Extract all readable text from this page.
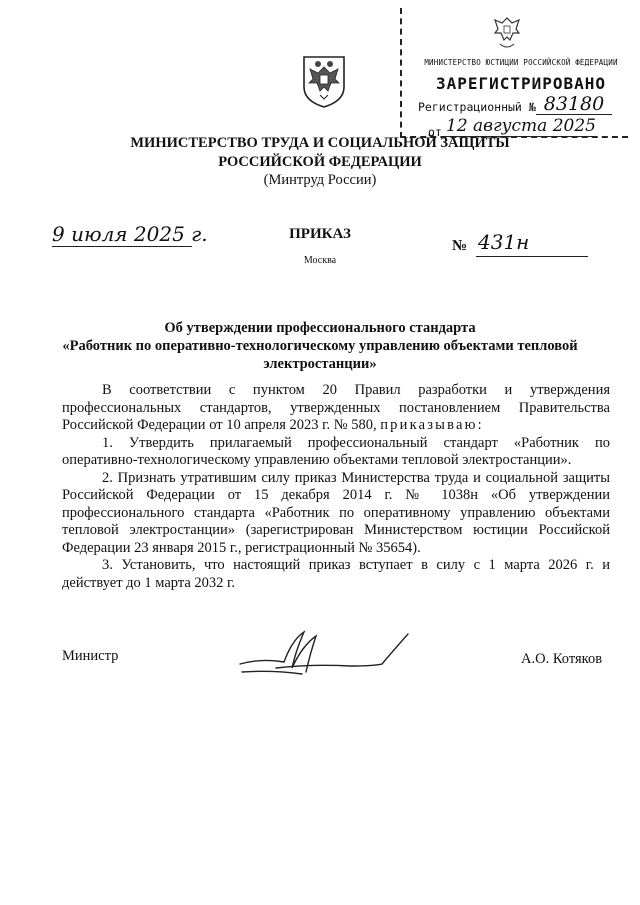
МИНИСТЕРСТВО ЮСТИЦИИ РОССИЙСКОЙ ФЕДЕРАЦИИ
ЗАРЕГИСТРИРОВАНО
Регистрационный № 83180
от 12 августа 2025
МИНИСТЕРСТВО ТРУДА И СОЦИАЛЬНОЙ ЗАЩИТЫ
РОССИЙСКОЙ ФЕДЕРАЦИИ
(Минтруд России)
ПРИКАЗ
Москва
9 июля 2025 г.	№ 431н
Об утверждении профессионального стандарта
«Работник по оперативно-технологическому управлению объектами тепловой
электростанции»

В соответствии с пунктом 20 Правил разработки и утверждения профессиональных стандартов, утвержденных постановлением Правительства Российской Федерации от 10 апреля 2023 г. № 580, приказываю:

1. Утвердить прилагаемый профессиональный стандарт «Работник по оперативно-технологическому управлению объектами тепловой электростанции».

2. Признать утратившим силу приказ Министерства труда и социальной защиты Российской Федерации от 15 декабря 2014 г. № 1038н «Об утверждении профессионального стандарта «Работник по оперативному управлению объектами тепловой электростанции» (зарегистрирован Министерством юстиции Российской Федерации 23 января 2015 г., регистрационный № 35654).

3. Установить, что настоящий приказ вступает в силу с 1 марта 2026 г. и действует до 1 марта 2032 г.

Министр	А.О. Котяков
